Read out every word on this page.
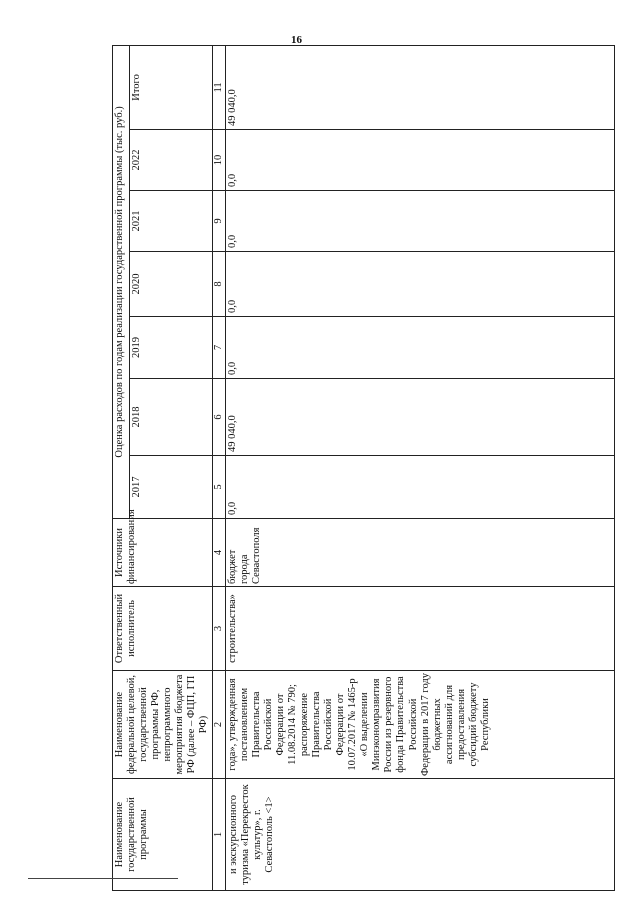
16
Наименование государственной программы	Наименование федеральной целевой, государственной программы РФ, непрограммного мероприятия бюджета РФ (далее – ФЦП, ГП РФ)	Ответственный исполнитель	Источники финансирования	Оценка расходов по годам реализации государственной программы (тыс. руб.)						
				2017	2018	2019	2020	2021	2022	Итого
1	2	3	4	5	6	7	8	9	10	11
и экскурсионного туризма «Перекресток культур», г. Севастополь <1>	года», утвержденная постановлением Правительства Российской Федерации от 11.08.2014 № 790; распоряжение Правительства Российской Федерации от 10.07.2017 № 1465-р «О выделении Минэкономразвития России из резервного фонда Правительства Российской Федерации в 2017 году бюджетных ассигнований для предоставления субсидий бюджету Республики	строительства»	бюджет города Севастополя	0,0	49 040,0	0,0	0,0	0,0	0,0	49 040,0
